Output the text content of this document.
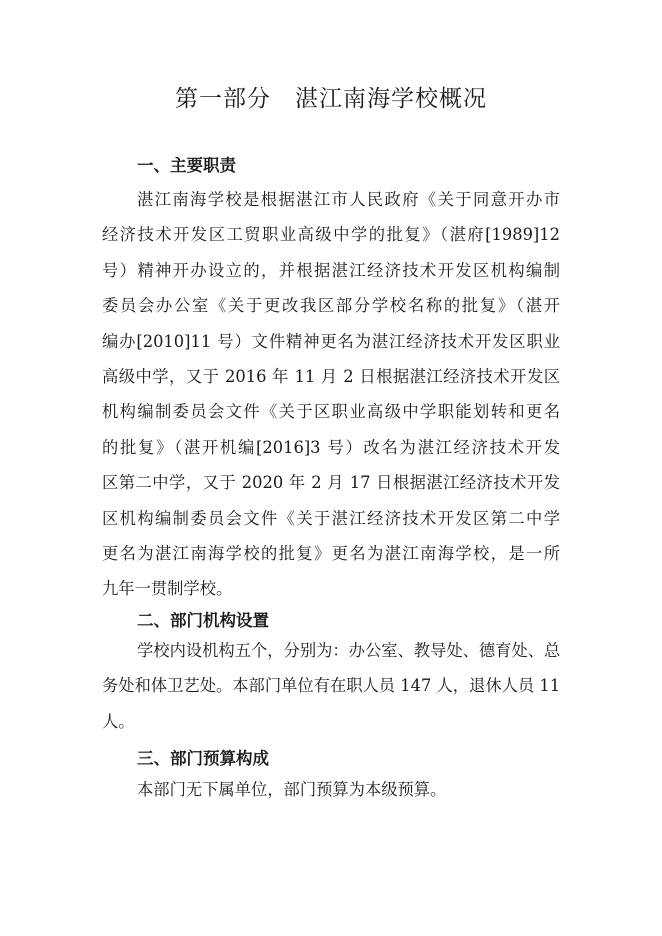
第一部分　湛江南海学校概况
一、主要职责
湛江南海学校是根据湛江市人民政府《关于同意开办市
经济技术开发区工贸职业高级中学的批复》（湛府[1989]12
号）精神开办设立的，并根据湛江经济技术开发区机构编制
委员会办公室《关于更改我区部分学校名称的批复》（湛开
编办[2010]11 号）文件精神更名为湛江经济技术开发区职业
高级中学，又于 2016 年 11 月 2 日根据湛江经济技术开发区
机构编制委员会文件《关于区职业高级中学职能划转和更名
的批复》（湛开机编[2016]3 号）改名为湛江经济技术开发
区第二中学，又于 2020 年 2 月 17 日根据湛江经济技术开发
区机构编制委员会文件《关于湛江经济技术开发区第二中学
更名为湛江南海学校的批复》更名为湛江南海学校，是一所
九年一贯制学校。
二、部门机构设置
学校内设机构五个，分别为：办公室、教导处、德育处、总
务处和体卫艺处。本部门单位有在职人员 147 人，退休人员 11
人。
三、部门预算构成
本部门无下属单位，部门预算为本级预算。
